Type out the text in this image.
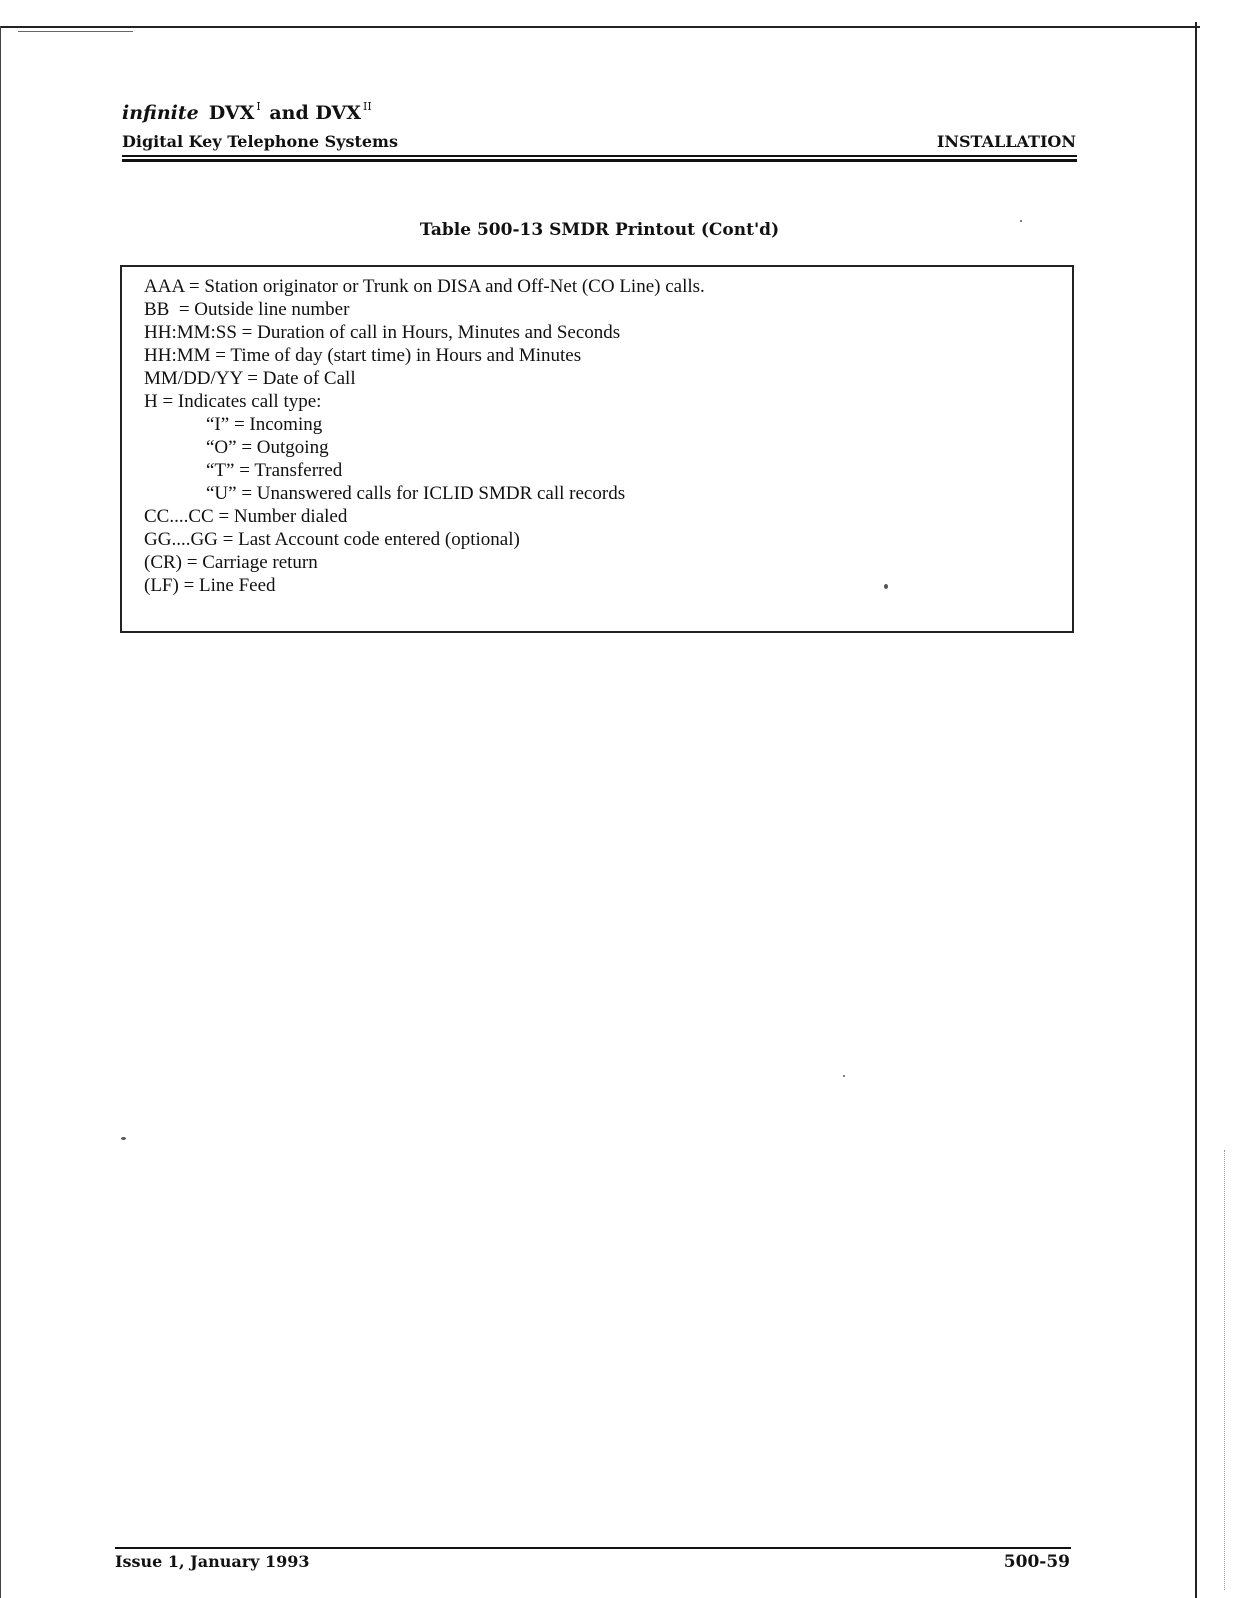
infinite DVX $^I$ and DVX $^{II}$
Digital Key Telephone Systems	INSTALLATION
Table 500-13 SMDR Printout (Cont'd)
AAA = Station originator or Trunk on DISA and Off-Net (CO Line) calls.
BB  = Outside line number
HH:MM:SS = Duration of call in Hours, Minutes and Seconds
HH:MM = Time of day (start time) in Hours and Minutes
MM/DD/YY = Date of Call
H = Indicates call type:
“I” = Incoming
“O” = Outgoing
“T” = Transferred
“U” = Unanswered calls for ICLID SMDR call records
CC....CC = Number dialed
GG....GG = Last Account code entered (optional)
(CR) = Carriage return
(LF) = Line Feed
Issue 1, January 1993	500-59
